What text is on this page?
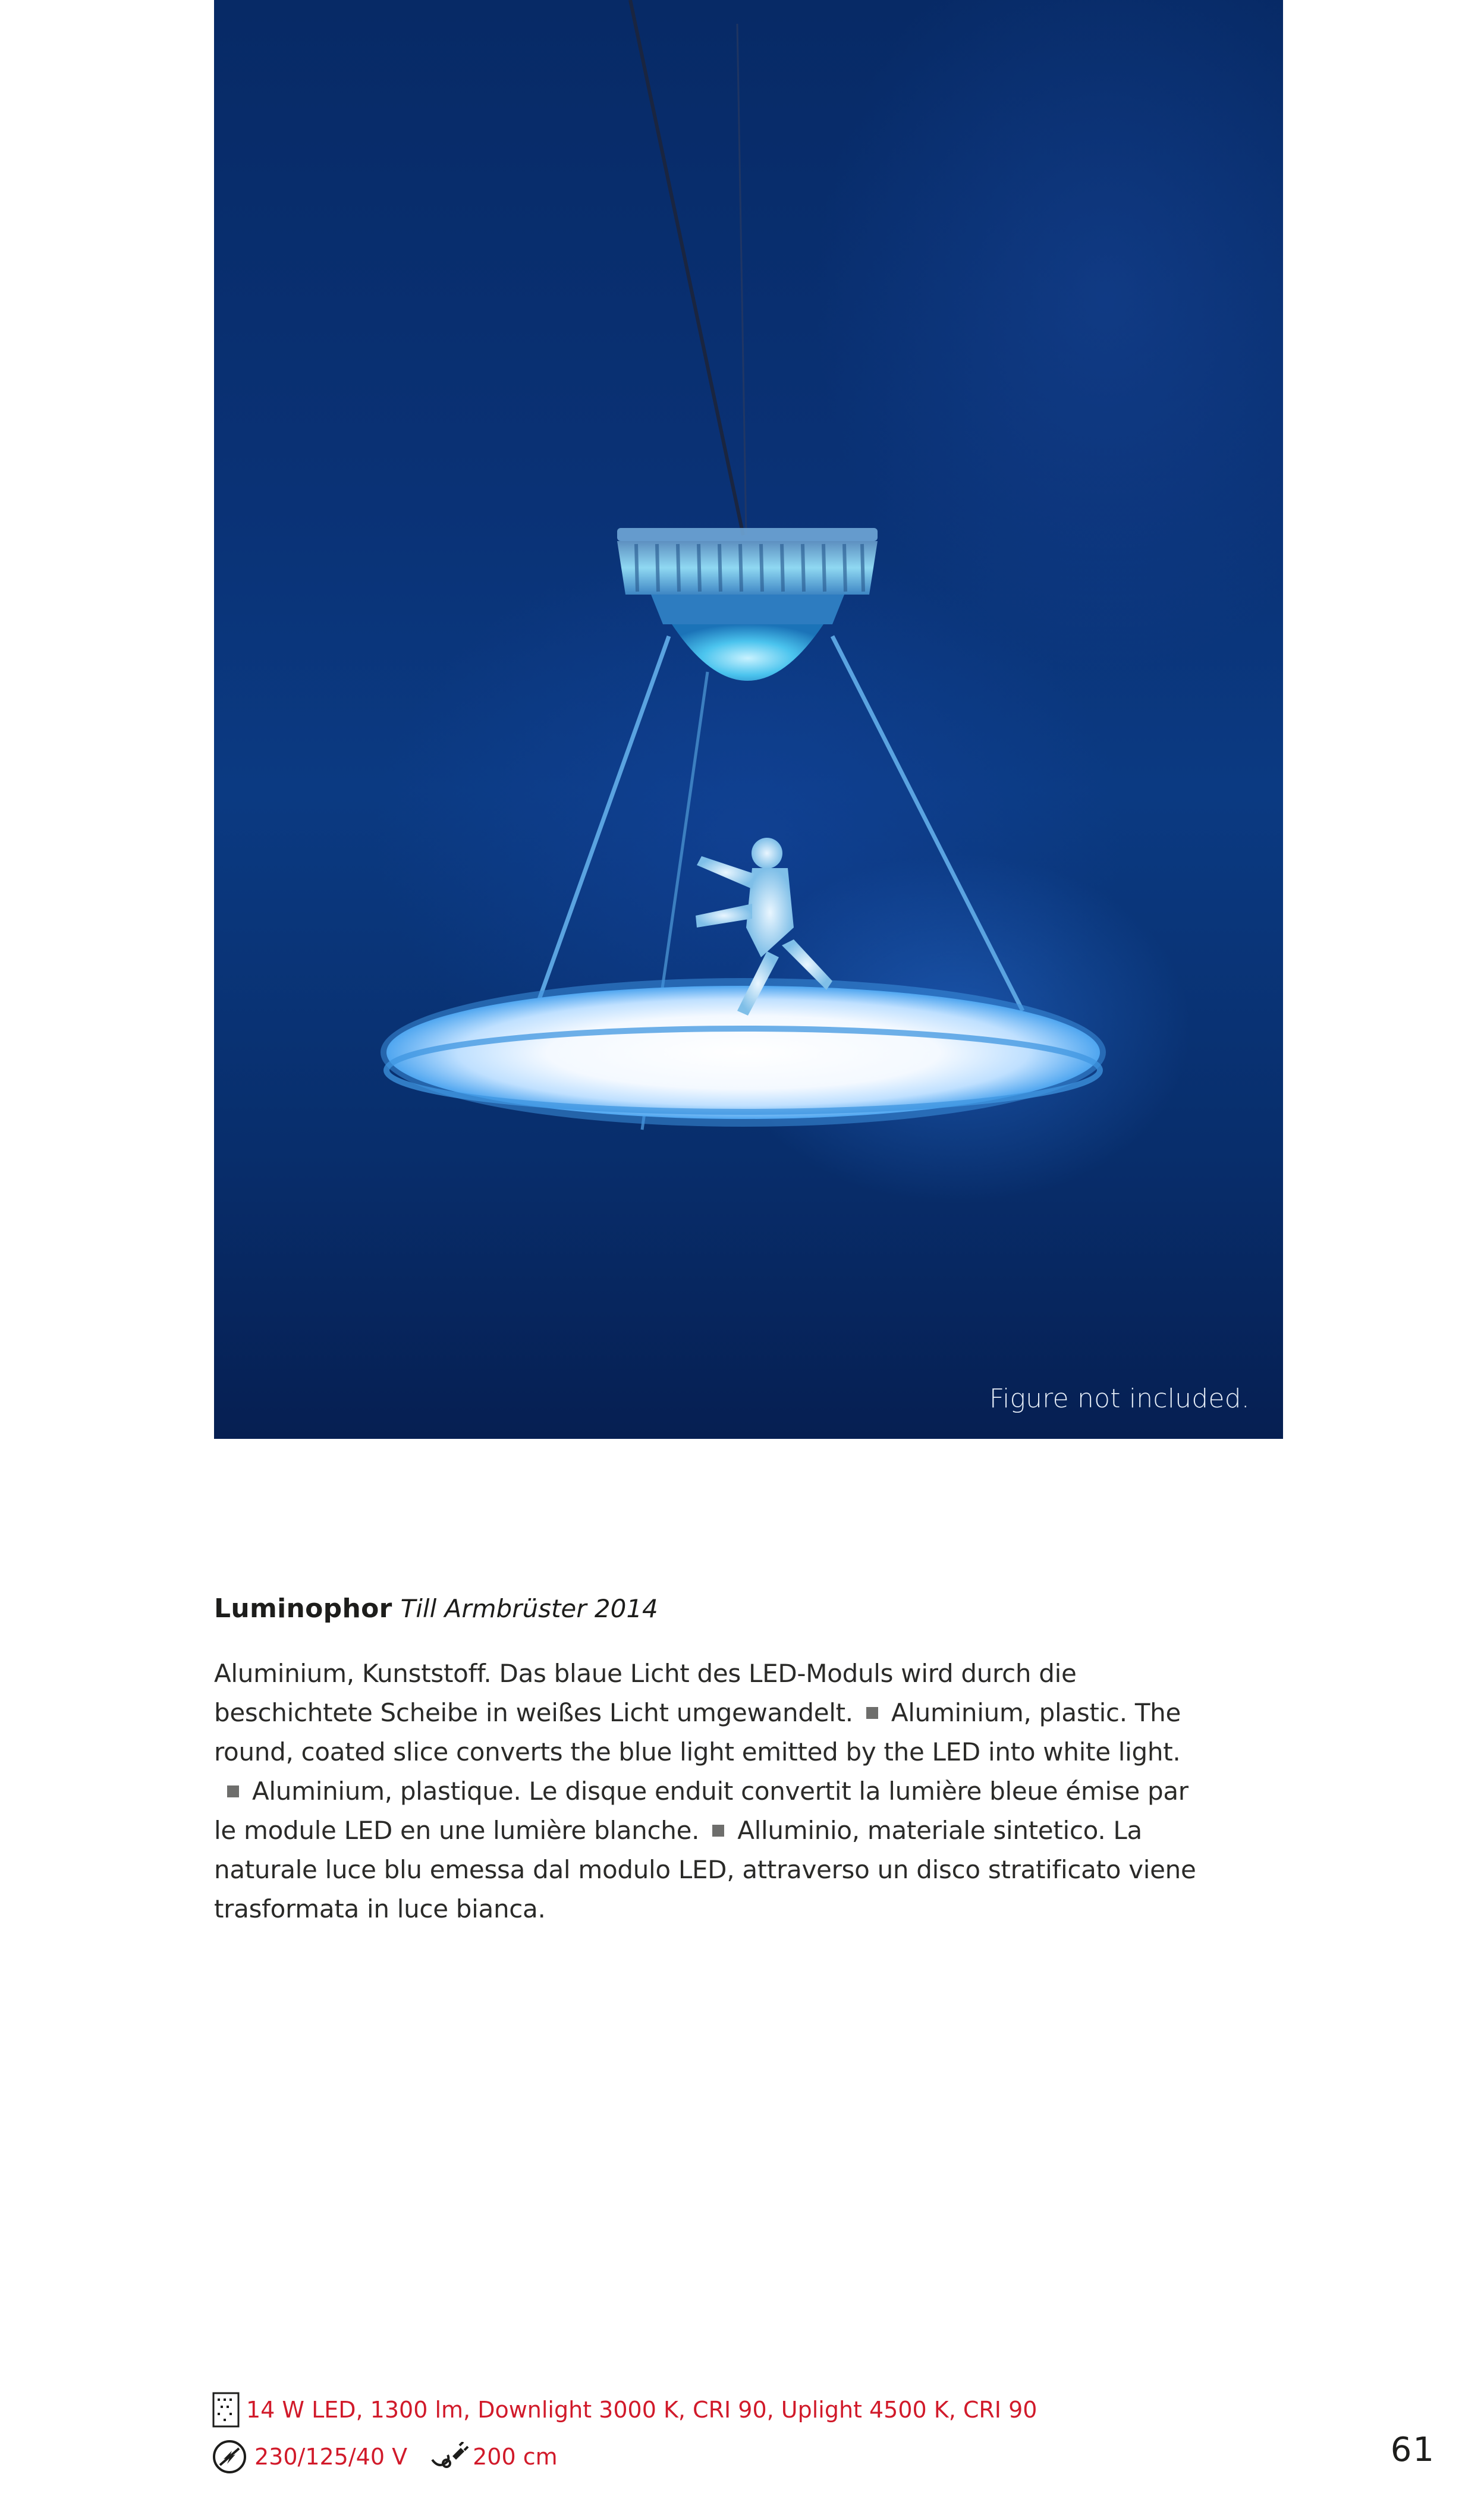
Figure not included.
Luminophor Till Armbrüster 2014
Aluminium, Kunststoff. Das blaue Licht des LED-Moduls wird durch die beschichtete Scheibe in weißes Licht umgewandelt. Aluminium, plastic. The round, coated slice converts the blue light emitted by the LED into white light.Aluminium, plastique. Le disque enduit convertit la lumière bleue émise par le module LED en une lumière blanche. Alluminio, materiale sintetico. La naturale luce blu emessa dal modulo LED, attraverso un disco stratificato viene trasformata in luce bianca.
14 W LED, 1300 lm, Downlight 3000 K, CRI 90, Uplight 4500 K, CRI 90
230/125/40 V	200 cm	61
